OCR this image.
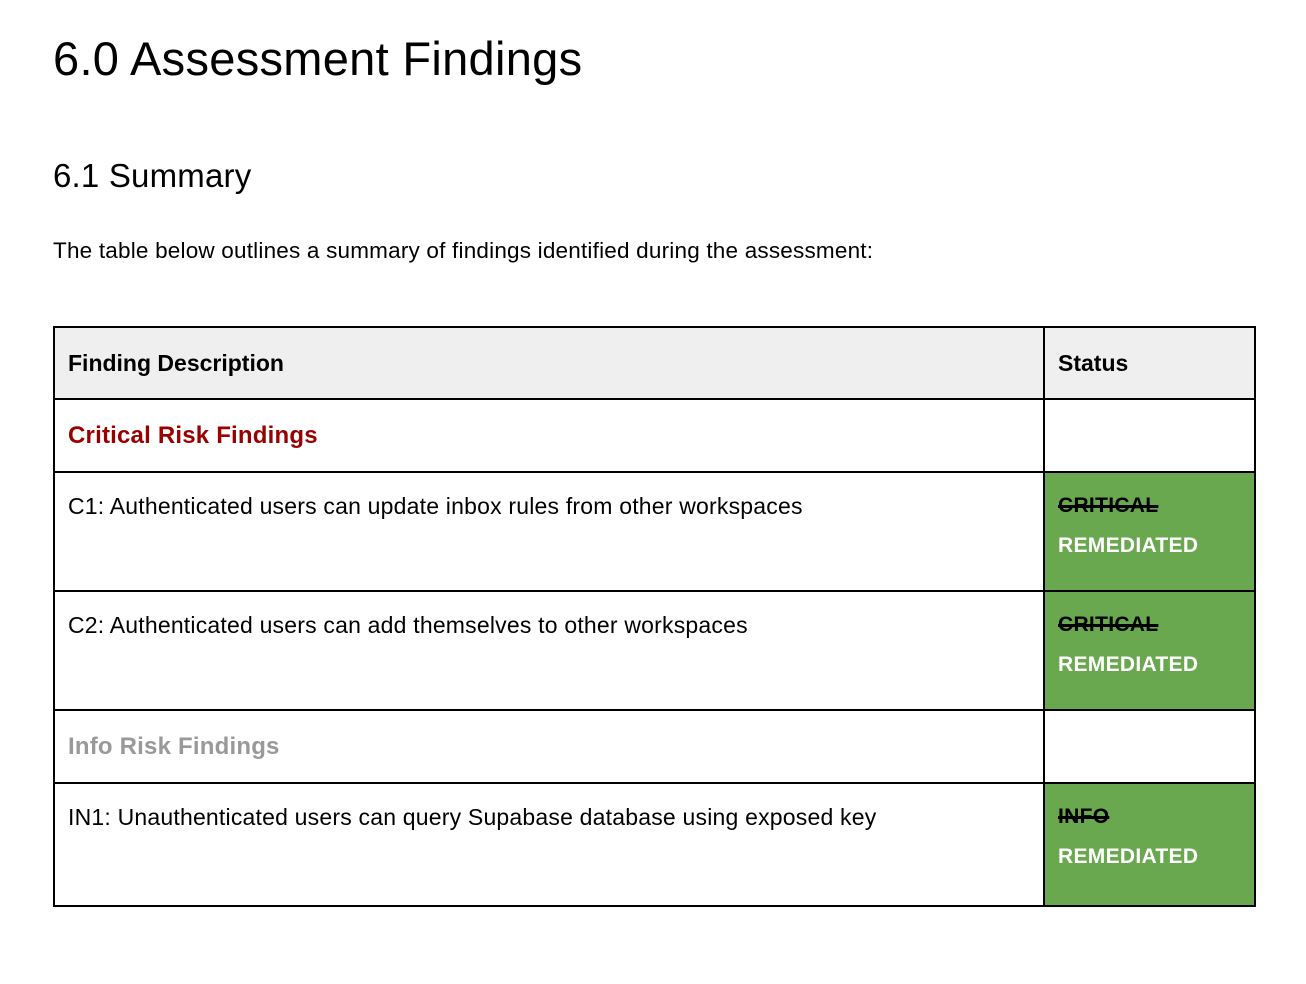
6.0 Assessment Findings
6.1 Summary

The table below outlines a summary of findings identified during the assessment:

Finding Description	Status
Critical Risk Findings	
C1: Authenticated users can update inbox rules from other workspaces	CRITICAL
REMEDIATED

C2: Authenticated users can add themselves to other workspaces	CRITICAL
REMEDIATED

Info Risk Findings	
IN1: Unauthenticated users can query Supabase database using exposed key	INFO
REMEDIATED
